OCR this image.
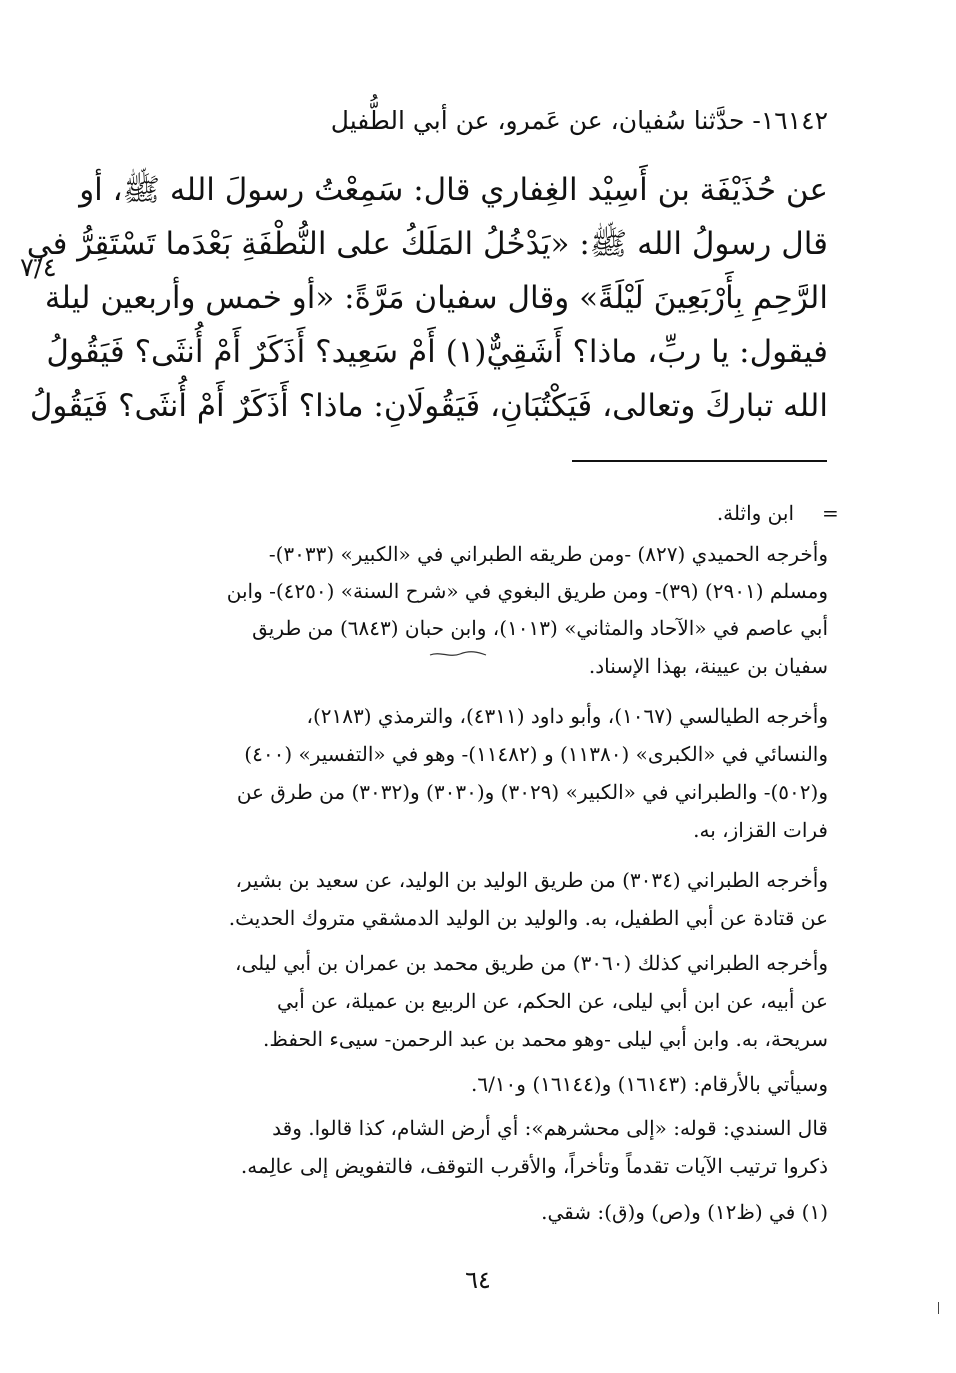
١٦١٤٢- حدَّثنا سُفيان، عن عَمرو، عن أبي الطُّفيل
عن حُذَيْفَة بن أَسِيْد الغِفاري قال: سَمِعْتُ رسولَ الله ﷺ، أو
قال رسولُ الله ﷺ: «يَدْخُلُ المَلَكُ على النُّطْفَةِ بَعْدَما تَسْتَقِرُّ في
الرَّحِمِ بِأَرْبَعِينَ لَيْلَةً» وقال سفيان مَرَّةً: «أو خمس وأربعين ليلة
فيقول: يا ربِّ، ماذا؟ أَشَقِيٌّ(١) أَمْ سَعِيد؟ أَذَكَرٌ أَمْ أُنثَى؟ فَيَقُولُ
الله تباركَ وتعالى، فَيَكْتُبَانِ، فَيَقُولَانِ: ماذا؟ أَذَكَرٌ أَمْ أُنثَى؟ فَيَقُولُ
٧/٤
=
ابن واثلة.
وأخرجه الحميدي (٨٢٧) -ومن طريقه الطبراني في «الكبير» (٣٠٣٣)-
ومسلم (٢٩٠١) (٣٩)- ومن طريق البغوي في «شرح السنة» (٤٢٥٠)- وابن
أبي عاصم في «الآحاد والمثاني» (١٠١٣)، وابن حبان (٦٨٤٣) من طريق
سفيان بن عيينة، بهذا الإسناد.
وأخرجه الطيالسي (١٠٦٧)، وأبو داود (٤٣١١)، والترمذي (٢١٨٣)،
والنسائي في «الكبرى» (١١٣٨٠) و (١١٤٨٢)- وهو في «التفسير» (٤٠٠)
و(٥٠٢)- والطبراني في «الكبير» (٣٠٢٩) و(٣٠٣٠) و(٣٠٣٢) من طرق عن
فرات القزاز، به.
وأخرجه الطبراني (٣٠٣٤) من طريق الوليد بن الوليد، عن سعيد بن بشير،
عن قتادة عن أبي الطفيل، به. والوليد بن الوليد الدمشقي متروك الحديث.
وأخرجه الطبراني كذلك (٣٠٦٠) من طريق محمد بن عمران بن أبي ليلى،
عن أبيه، عن ابن أبي ليلى، عن الحكم، عن الربيع بن عميلة، عن أبي
سريحة، به. وابن أبي ليلى -وهو محمد بن عبد الرحمن- سيىء الحفظ.
وسيأتي بالأرقام: (١٦١٤٣) و(١٦١٤٤) و٦/١٠.
قال السندي: قوله: «إلى محشرهم»: أي أرض الشام، كذا قالوا. وقد
ذكروا ترتيب الآيات تقدماً وتأخراً، والأقرب التوقف، فالتفويض إلى عالِمه.
(١) في (ظ١٢) و(ص) و(ق): شقي.
٦٤
